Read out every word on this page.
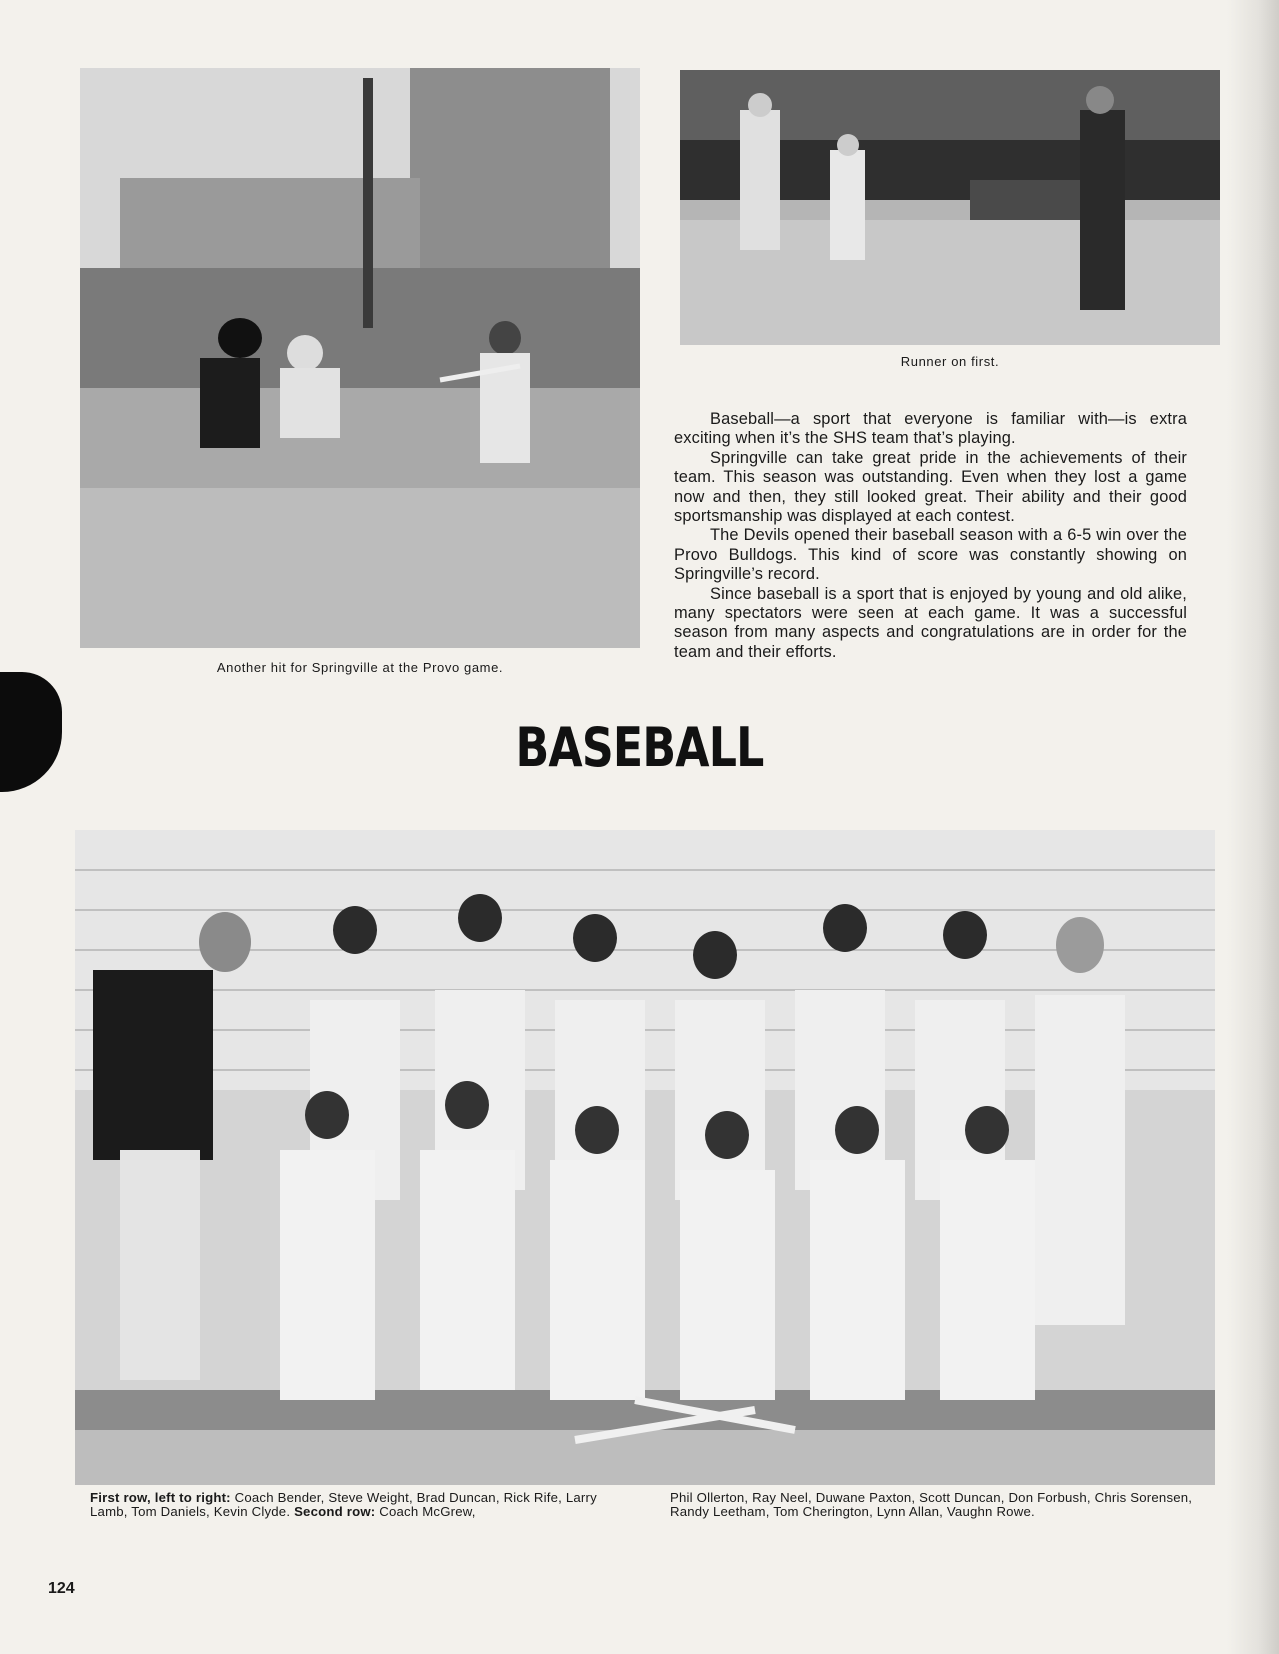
Another hit for Springville at the Provo game.
Runner on first.

Baseball—a sport that everyone is familiar with—is extra exciting when it’s the SHS team that’s playing.

Springville can take great pride in the achievements of their team. This season was outstanding. Even when they lost a game now and then, they still looked great. Their ability and their good sportsmanship was displayed at each contest.

The Devils opened their baseball season with a 6-5 win over the Provo Bulldogs. This kind of score was constantly showing on Springville’s record.

Since baseball is a sport that is enjoyed by young and old alike, many spectators were seen at each game. It was a successful season from many aspects and congratulations are in order for the team and their efforts.

BASEBALL
First row, left to right: Coach Bender, Steve Weight, Brad Duncan, Rick Rife, Larry Lamb, Tom Daniels, Kevin Clyde. Second row: Coach McGrew,
Phil Ollerton, Ray Neel, Duwane Paxton, Scott Duncan, Don Forbush, Chris Sorensen, Randy Leetham, Tom Cherington, Lynn Allan, Vaughn Rowe.
124
